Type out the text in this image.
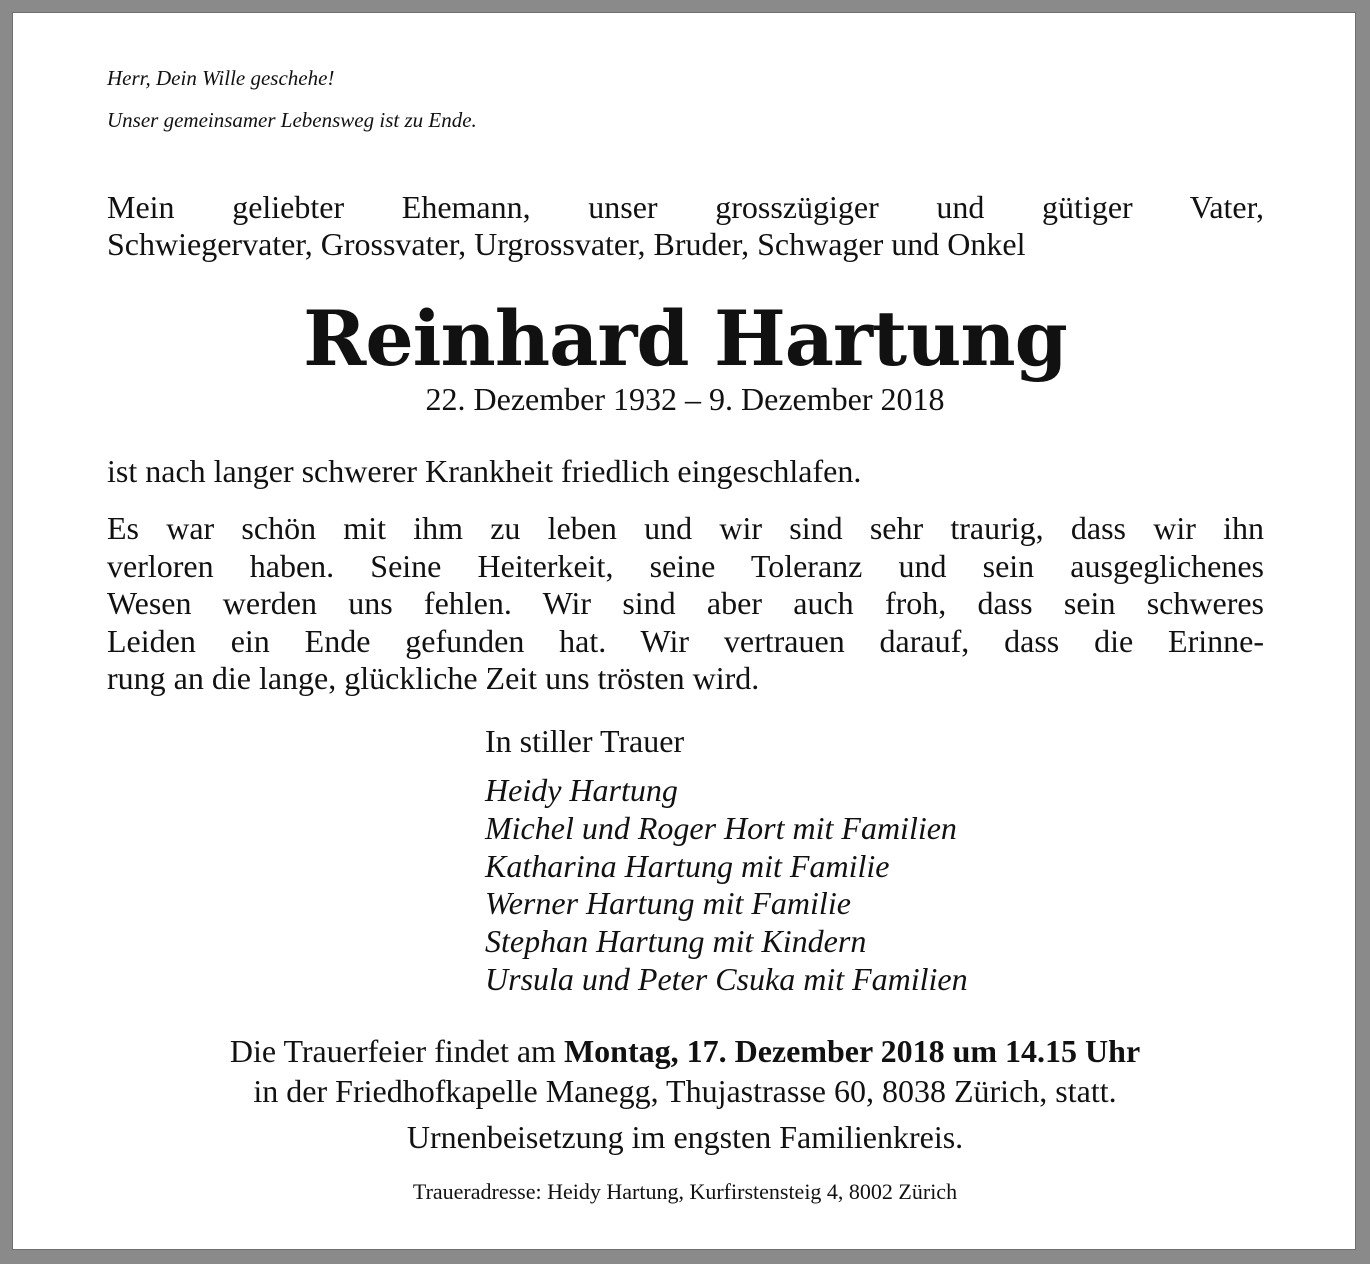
Herr, Dein Wille geschehe!
Unser gemeinsamer Lebensweg ist zu Ende.
Mein geliebter Ehemann, unser grosszügiger und gütiger Vater,
Schwiegervater, Grossvater, Urgrossvater, Bruder, Schwager und Onkel
Reinhard Hartung
22. Dezember 1932 – 9. Dezember 2018
ist nach langer schwerer Krankheit friedlich eingeschlafen.
Es war schön mit ihm zu leben und wir sind sehr traurig, dass wir ihn
verloren haben. Seine Heiterkeit, seine Toleranz und sein ausgeglichenes
Wesen werden uns fehlen. Wir sind aber auch froh, dass sein schweres
Leiden ein Ende gefunden hat. Wir vertrauen darauf, dass die Erinne-
rung an die lange, glückliche Zeit uns trösten wird.
In stiller Trauer
Heidy Hartung
Michel und Roger Hort mit Familien
Katharina Hartung mit Familie
Werner Hartung mit Familie
Stephan Hartung mit Kindern
Ursula und Peter Csuka mit Familien
Die Trauerfeier findet am Montag, 17. Dezember 2018 um 14.15 Uhr
in der Friedhofkapelle Manegg, Thujastrasse 60, 8038 Zürich, statt.
Urnenbeisetzung im engsten Familienkreis.
Traueradresse: Heidy Hartung, Kurfirstensteig 4, 8002 Zürich
